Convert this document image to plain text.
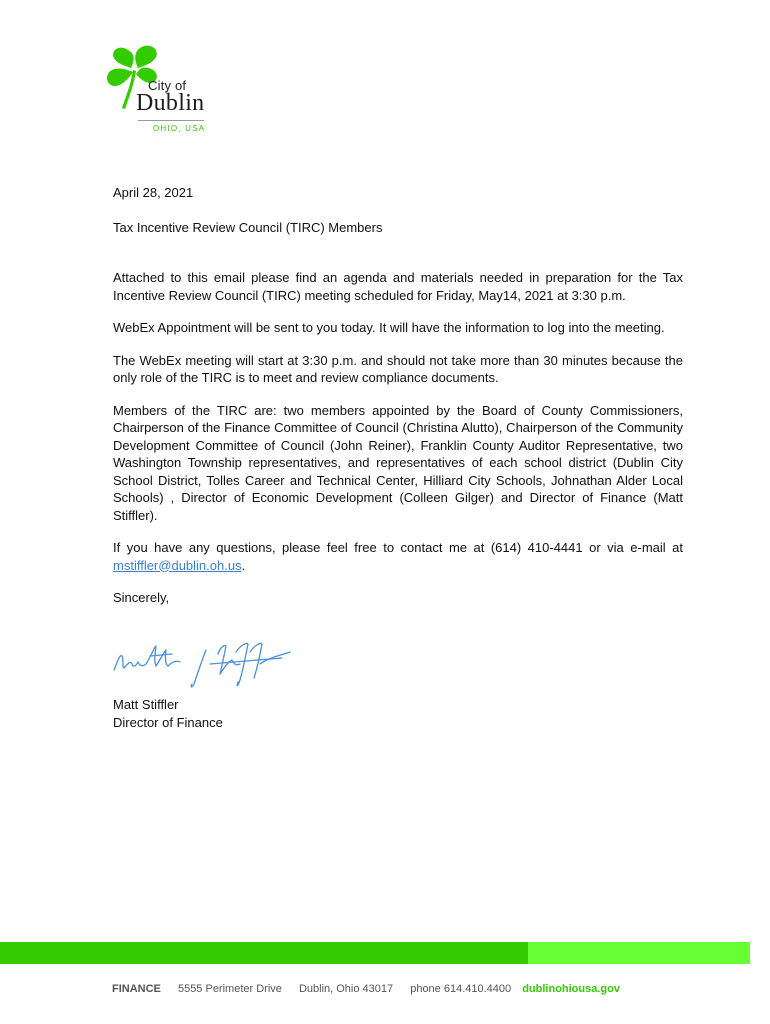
City of
Dublin
OHIO, USA

April 28, 2021

Tax Incentive Review Council (TIRC) Members

Attached to this email please find an agenda and materials needed in preparation for the Tax Incentive Review Council (TIRC) meeting scheduled for Friday, May14, 2021 at 3:30 p.m.

WebEx Appointment will be sent to you today. It will have the information to log into the meeting.

The WebEx meeting will start at 3:30 p.m. and should not take more than 30 minutes because the only role of the TIRC is to meet and review compliance documents.

Members of the TIRC are: two members appointed by the Board of County Commissioners, Chairperson of the Finance Committee of Council (Christina Alutto), Chairperson of the Community Development Committee of Council (John Reiner), Franklin County Auditor Representative, two Washington Township representatives, and representatives of each school district (Dublin City School District, Tolles Career and Technical Center, Hilliard City Schools, Johnathan Alder Local Schools) , Director of Economic Development (Colleen Gilger) and Director of Finance (Matt Stiffler).

If you have any questions, please feel free to contact me at (614) 410-4441 or via e-mail at mstiffler@dublin.oh.us.

Sincerely,

Matt Stiffler
Director of Finance
FINANCE 5555 Perimeter Drive Dublin, Ohio 43017 phone 614.410.4400 dublinohiousa.gov
